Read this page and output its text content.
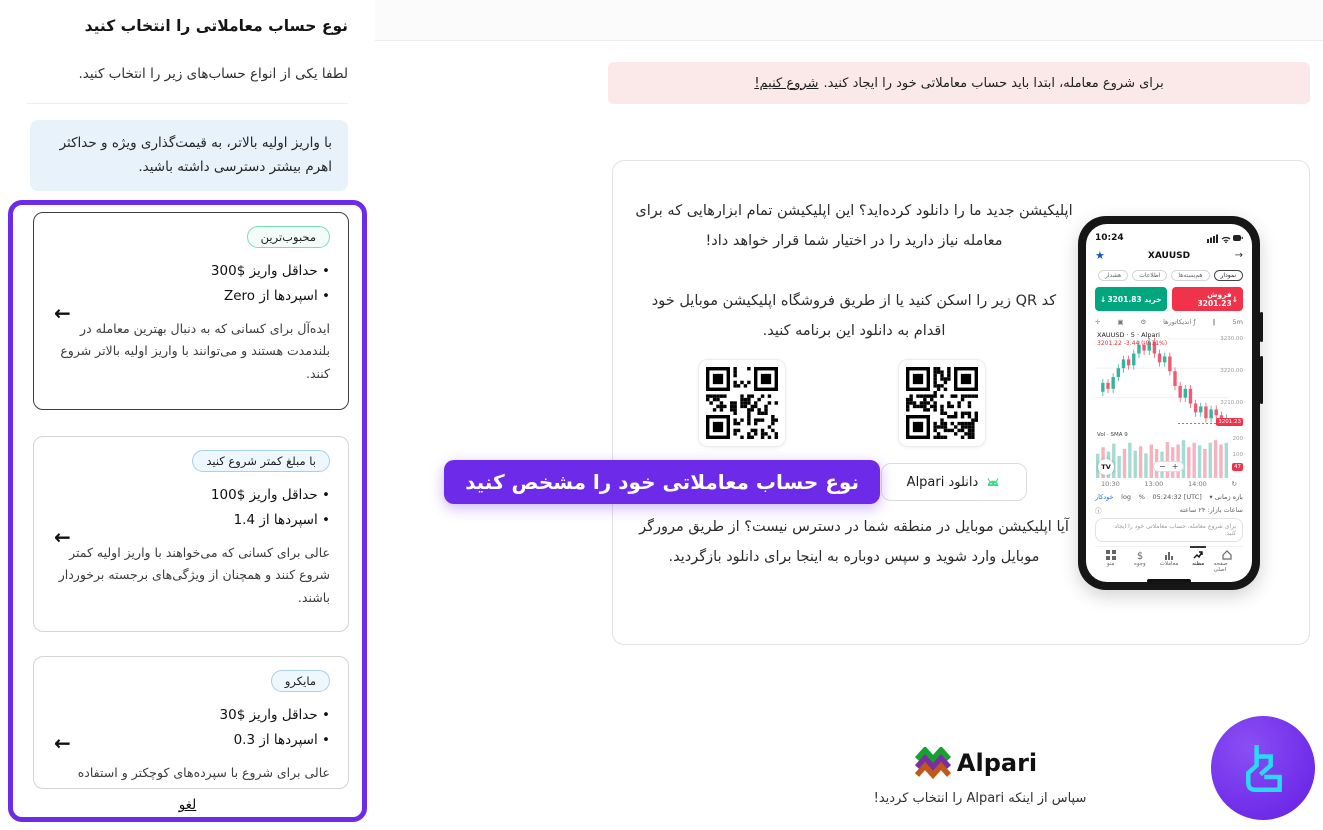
نوع حساب معاملاتی را انتخاب کنید
لطفا یکی از انواع حساب‌های زیر را انتخاب کنید.
با واریز اولیه بالاتر، به قیمت‌گذاری ویژه و حداکثر اهرم بیشتر دسترسی داشته باشید.
محبوب‌ترین
• حداقل واریز $300
• اسپردها از Zero
ایده‌آل برای کسانی که به دنبال بهترین معامله در بلندمدت هستند و می‌توانند با واریز اولیه بالاتر شروع کنند.
←
با مبلغ کمتر شروع کنید
• حداقل واریز $100
• اسپردها از 1.4
عالی برای کسانی که می‌خواهند با واریز اولیه کمتر شروع کنند و همچنان از ویژگی‌های برجسته برخوردار باشند.
←
مایکرو
• حداقل واریز $30
• اسپردها از 0.3
عالی برای شروع با سپرده‌های کوچکتر و استفاده
←
لغو
برای شروع معامله، ابتدا باید حساب معاملاتی خود را ایجاد کنید.
شروع کنیم!
اپلیکیشن جدید ما را دانلود کرده‌اید؟ این اپلیکیشن تمام ابزارهایی که برای معامله نیاز دارید را در اختیار شما قرار خواهد داد!
کد QR زیر را اسکن کنید یا از طریق فروشگاه اپلیکیشن موبایل خود اقدام به دانلود این برنامه کنید.
دانلود Alpari
آیا اپلیکیشن موبایل در منطقه شما در دسترس نیست؟ از طریق مرورگر موبایل وارد شوید و سپس دوباره به اینجا برای دانلود بازگردید.
نوع حساب معاملاتی خود را مشخص کنید
10:24
★	XAUUSD	→
نمودار
هم‌بسته‌ها
اطلاعات
هشدار
↓	خرید 3201.83	فروش 3201.23 ↓
5m
∥
ƒ اندیکاتورها
⚙
▣
✛
XAUUSD · 5 · Alpari
3201.22 -3.44 (-0.11%)
3230.00
3220.00
3210.00
3201.23
Vol · SMA 9
200
100
47
TV	− +
10:30	13:00	14:00	↻
بازه زمانی ▾
[UTC] 05:24:32
%
log
خودکار
ⓘ	ساعات بازار: ۲۴ ساعته
برای شروع معامله، حساب معاملاتی خود را ایجاد کنید.
منو
$
وجوه	معاملات	مظنه صفحه اصلی
Alpari
سپاس از اینکه Alpari را انتخاب کردید!
